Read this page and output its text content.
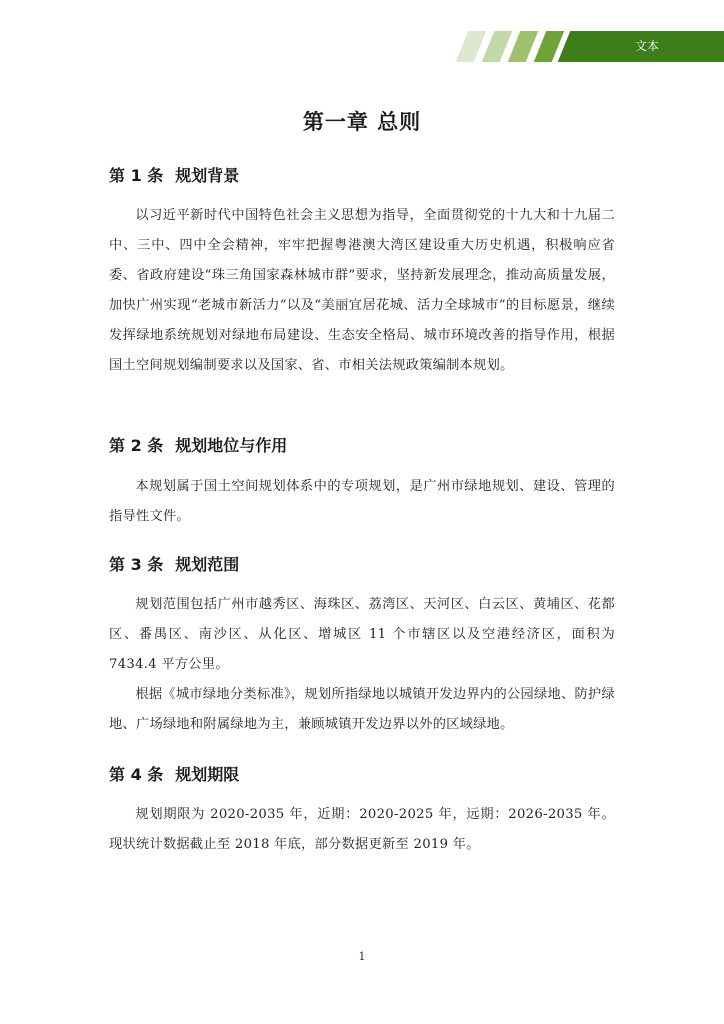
文本
第一章 总则
第 1 条 规划背景

以习近平新时代中国特色社会主义思想为指导，全面贯彻党的十九大和十九届二中、三中、四中全会精神，牢牢把握粤港澳大湾区建设重大历史机遇，积极响应省委、省政府建设“珠三角国家森林城市群”要求，坚持新发展理念，推动高质量发展，加快广州实现“老城市新活力”以及“美丽宜居花城、活力全球城市”的目标愿景，继续发挥绿地系统规划对绿地布局建设、生态安全格局、城市环境改善的指导作用，根据国土空间规划编制要求以及国家、省、市相关法规政策编制本规划。

第 2 条 规划地位与作用

本规划属于国土空间规划体系中的专项规划，是广州市绿地规划、建设、管理的指导性文件。

第 3 条 规划范围

规划范围包括广州市越秀区、海珠区、荔湾区、天河区、白云区、黄埔区、花都区、番禺区、南沙区、从化区、增城区 11 个市辖区以及空港经济区，面积为 7434.4 平方公里。

根据《城市绿地分类标准》，规划所指绿地以城镇开发边界内的公园绿地、防护绿地、广场绿地和附属绿地为主，兼顾城镇开发边界以外的区域绿地。

第 4 条 规划期限

规划期限为 2020-2035 年，近期：2020-2025 年，远期：2026-2035 年。现状统计数据截止至 2018 年底，部分数据更新至 2019 年。

1
